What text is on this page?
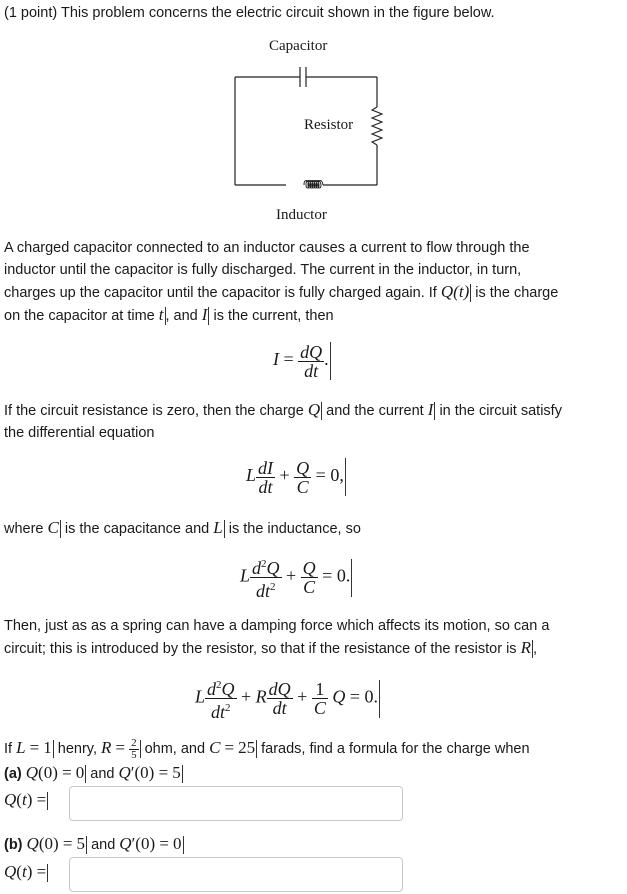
(1 point) This problem concerns the electric circuit shown in the figure below.
Capacitor
Resistor
Inductor
A charged capacitor connected to an inductor causes a current to flow through the
inductor until the capacitor is fully discharged. The current in the inductor, in turn,
charges up the capacitor until the capacitor is fully charged again. If Q(t) is the charge
on the capacitor at time t , and I is the current, then
$I = \frac{dQ}{dt}$ .
If the circuit resistance is zero, then the charge Q and the current I in the circuit satisfy
the differential equation
L $\frac{dI}{dt} + \frac{Q}{C} = 0$,
where C is the capacitance and L is the inductance, so
L $\frac{d^2Q}{dt^2} + \frac{Q}{C} = 0$.
Then, just as as a spring can have a damping force which affects its motion, so can a
circuit; this is introduced by the resistor, so that if the resistance of the resistor is R ,
L $\frac{d^2Q}{dt^2} + R \frac{dQ}{dt} + \frac{1}{C}$ Q = 0.
If L = 1 henry, $R = \frac{2}{5}$ ohm, and C = 25 farads, find a formula for the charge when
(a) Q(0) = 0 and Q′(0) = 5
Q(t) =
(b) Q(0) = 5 and Q′(0) = 0
Q(t) =
